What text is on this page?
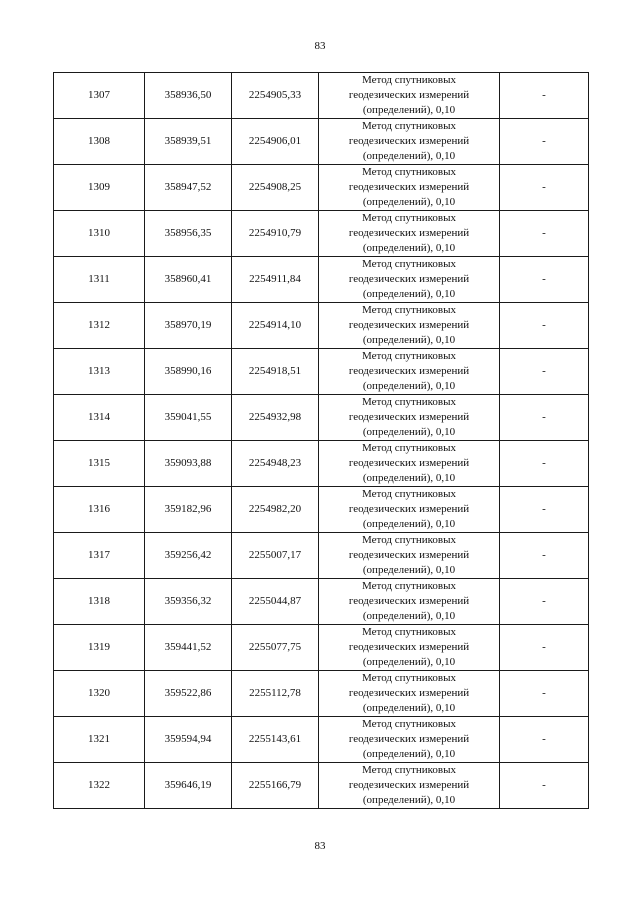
83
1307	358936,50	2254905,33	Метод спутниковых
геодезических измерений
(определений), 0,10	-
1308	358939,51	2254906,01	Метод спутниковых
геодезических измерений
(определений), 0,10	-
1309	358947,52	2254908,25	Метод спутниковых
геодезических измерений
(определений), 0,10	-
1310	358956,35	2254910,79	Метод спутниковых
геодезических измерений
(определений), 0,10	-
1311	358960,41	2254911,84	Метод спутниковых
геодезических измерений
(определений), 0,10	-
1312	358970,19	2254914,10	Метод спутниковых
геодезических измерений
(определений), 0,10	-
1313	358990,16	2254918,51	Метод спутниковых
геодезических измерений
(определений), 0,10	-
1314	359041,55	2254932,98	Метод спутниковых
геодезических измерений
(определений), 0,10	-
1315	359093,88	2254948,23	Метод спутниковых
геодезических измерений
(определений), 0,10	-
1316	359182,96	2254982,20	Метод спутниковых
геодезических измерений
(определений), 0,10	-
1317	359256,42	2255007,17	Метод спутниковых
геодезических измерений
(определений), 0,10	-
1318	359356,32	2255044,87	Метод спутниковых
геодезических измерений
(определений), 0,10	-
1319	359441,52	2255077,75	Метод спутниковых
геодезических измерений
(определений), 0,10	-
1320	359522,86	2255112,78	Метод спутниковых
геодезических измерений
(определений), 0,10	-
1321	359594,94	2255143,61	Метод спутниковых
геодезических измерений
(определений), 0,10	-
1322	359646,19	2255166,79	Метод спутниковых
геодезических измерений
(определений), 0,10	-
83
